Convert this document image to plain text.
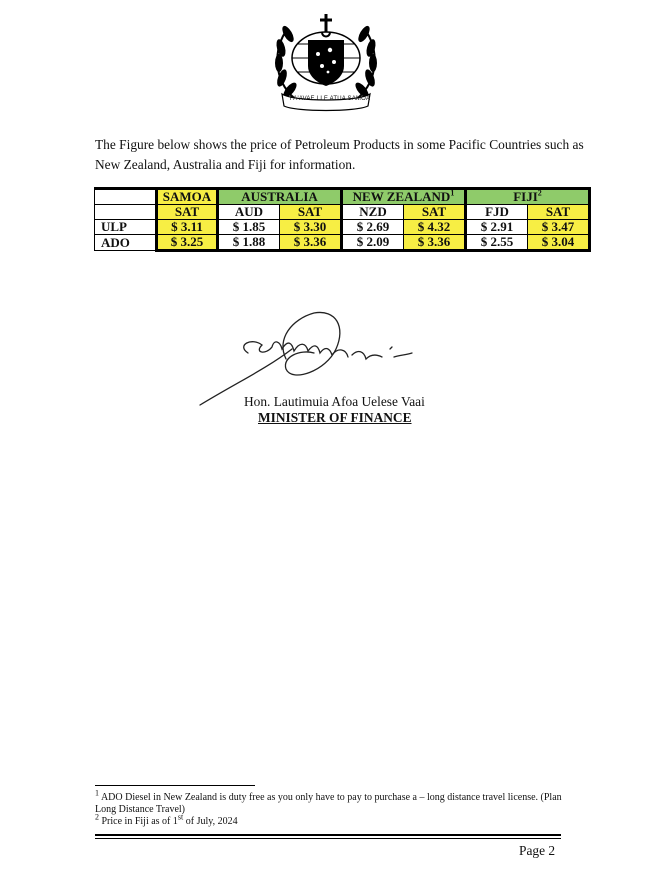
FA'AVAE I LE ATUA SAMOA
The Figure below shows the price of Petroleum Products in some Pacific Countries such as New Zealand, Australia and Fiji for information.
	SAMOA	AUSTRALIA		NEW ZEALAND$^1$		FIJI$^2$
	SAT	AUD	SAT	NZD	SAT	FJD	SAT
ULP	$ 3.11	$ 1.85	$ 3.30	$ 2.69	$ 4.32	$ 2.91	$ 3.47
ADO	$ 3.25	$ 1.88	$ 3.36	$ 2.09	$ 3.36	$ 2.55	$ 3.04
Hon. Lautimuia Afoa Uelese Vaai
MINISTER OF FINANCE

$^1$ ADO Diesel in New Zealand is duty free as you only have to pay to purchase a – long distance travel license. (Plan Long Distance Travel)

$^2$ Price in Fiji as of 1st of July, 2024

Page 2
